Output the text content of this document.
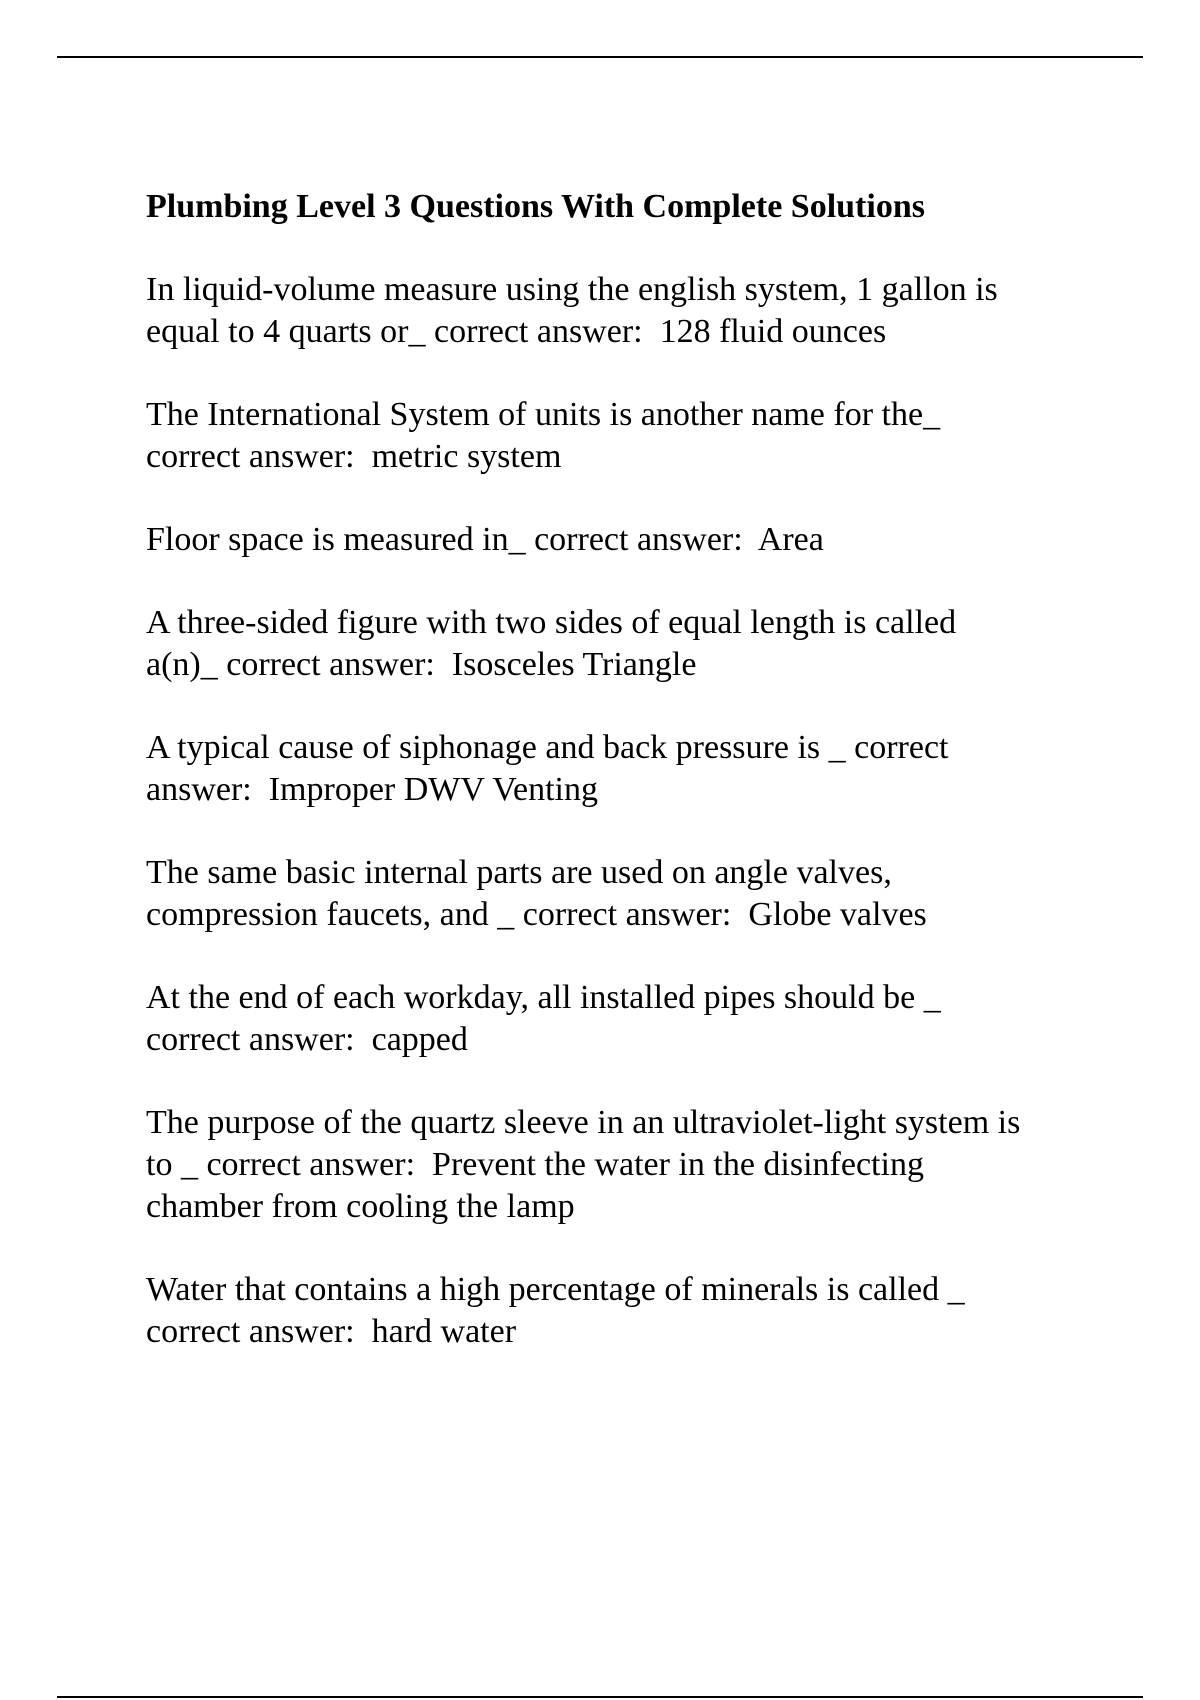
Plumbing Level 3 Questions With Complete Solutions
In liquid-volume measure using the english system, 1 gallon is
equal to 4 quarts or_ correct answer:  128 fluid ounces
The International System of units is another name for the_
correct answer:  metric system
Floor space is measured in_ correct answer:  Area
A three-sided figure with two sides of equal length is called
a(n)_ correct answer:  Isosceles Triangle
A typical cause of siphonage and back pressure is _ correct
answer:  Improper DWV Venting
The same basic internal parts are used on angle valves,
compression faucets, and _ correct answer:  Globe valves
At the end of each workday, all installed pipes should be _
correct answer:  capped
The purpose of the quartz sleeve in an ultraviolet-light system is
to _ correct answer:  Prevent the water in the disinfecting
chamber from cooling the lamp
Water that contains a high percentage of minerals is called _
correct answer:  hard water
